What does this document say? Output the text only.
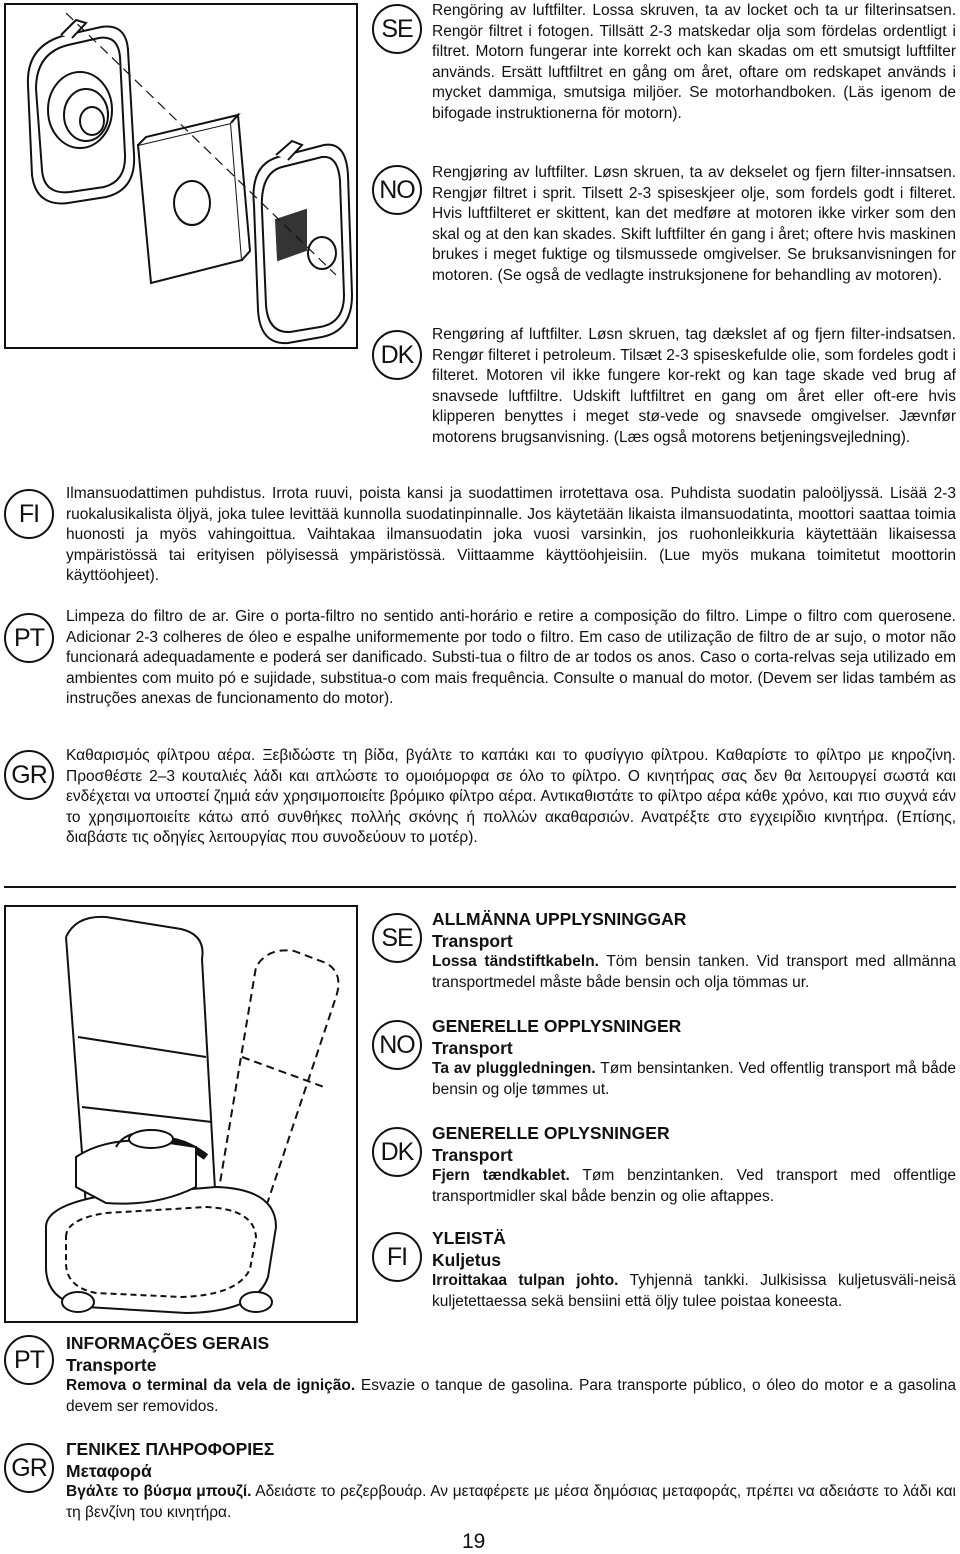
SE

Rengöring av luftfilter. Lossa skruven, ta av locket och ta ur filterinsatsen. Rengör filtret i fotogen. Tillsätt 2-3 matskedar olja som fördelas ordentligt i filtret. Motorn fungerar inte korrekt och kan skadas om ett smutsigt luftfilter används. Ersätt luftfiltret en gång om året, oftare om redskapet används i mycket dammiga, smutsiga miljöer. Se motorhandboken. (Läs igenom de bifogade instruktionerna för motorn).

NO

Rengjøring av luftfilter. Løsn skruen, ta av dekselet og fjern filter-innsatsen. Rengjør filtret i sprit. Tilsett 2-3 spiseskjeer olje, som fordels godt i filteret. Hvis luftfilteret er skittent, kan det medføre at motoren ikke virker som den skal og at den kan skades. Skift luftfilter én gang i året; oftere hvis maskinen brukes i meget fuktige og tilsmussede omgivelser. Se bruksanvisningen for motoren. (Se også de vedlagte instruksjonene for behandling av motoren).

DK

Rengøring af luftfilter. Løsn skruen, tag dækslet af og fjern filter-indsatsen. Rengør filteret i petroleum. Tilsæt 2-3 spiseskefulde olie, som fordeles godt i filteret. Motoren vil ikke fungere kor-rekt og kan tage skade ved brug af snavsede luftfiltre. Udskift luftfiltret en gang om året eller oft-ere hvis klipperen benyttes i meget stø-vede og snavsede omgivelser. Jævnfør motorens brugsanvisning. (Læs også motorens betjeningsvejledning).

FI

Ilmansuodattimen puhdistus. Irrota ruuvi, poista kansi ja suodattimen irrotettava osa. Puhdista suodatin paloöljyssä. Lisää 2-3 ruokalusikalista öljyä, joka tulee levittää kunnolla suodatinpinnalle. Jos käytetään likaista ilmansuodatinta, moottori saattaa toimia huonosti ja myös vahingoittua. Vaihtakaa ilmansuodatin joka vuosi varsinkin, jos ruohonleikkuria käytettään likaisessa ympäristössä tai erityisen pölyisessä ympäristössä. Viittaamme käyttöohjeisiin. (Lue myös mukana toimitetut moottorin käyttöohjeet).

PT

Limpeza do filtro de ar. Gire o porta-filtro no sentido anti-horário e retire a composição do filtro. Limpe o filtro com querosene. Adicionar 2-3 colheres de óleo e espalhe uniformemente por todo o filtro. Em caso de utilização de filtro de ar sujo, o motor não funcionará adequadamente e poderá ser danificado. Substi-tua o filtro de ar todos os anos. Caso o corta-relvas seja utilizado em ambientes com muito pó e sujidade, substitua-o com mais frequência. Consulte o manual do motor. (Devem ser lidas também as instruções anexas de funcionamento do motor).

GR

Καθαρισμός φίλτρου αέρα. Ξεβιδώστε τη βίδα, βγάλτε το καπάκι και το φυσίγγιο φίλτρου. Καθαρίστε το φίλτρο με κηροζίνη. Προσθέστε 2–3 κουταλιές λάδι και απλώστε το ομοιόμορφα σε όλο το φίλτρο. Ο κινητήρας σας δεν θα λειτουργεί σωστά και ενδέχεται να υποστεί ζημιά εάν χρησιμοποιείτε βρόμικο φίλτρο αέρα. Αντικαθιστάτε το φίλτρο αέρα κάθε χρόνο, και πιο συχνά εάν το χρησιμοποιείτε κάτω από συνθήκες πολλής σκόνης ή πολλών ακαθαρσιών. Ανατρέξτε στο εγχειρίδιο κινητήρα. (Επίσης, διαβάστε τις οδηγίες λειτουργίας που συνοδεύουν το μοτέρ).

SE
ALLMÄNNA UPPLYSNINGGAR
Transport
Lossa tändstiftkabeln. Töm bensin tanken. Vid transport med allmänna transportmedel måste både bensin och olja tömmas ur.
NO
GENERELLE OPPLYSNINGER
Transport
Ta av pluggledningen. Tøm bensintanken. Ved offentlig transport må både bensin og olje tømmes ut.
DK
GENERELLE OPLYSNINGER
Transport
Fjern tændkablet. Tøm benzintanken. Ved transport med offentlige transportmidler skal både benzin og olie aftappes.
FI
YLEISTÄ
Kuljetus
Irroittakaa tulpan johto. Tyhjennä tankki. Julkisissa kuljetusväli-neisä kuljetettaessa sekä bensiini että öljy tulee poistaa koneesta.
PT
INFORMAÇÕES GERAIS
Transporte
Remova o terminal da vela de ignição. Esvazie o tanque de gasolina. Para transporte público, o óleo do motor e a gasolina devem ser removidos.
GR
ΓΕΝΙΚΕΣ ΠΛΗΡΟΦΟΡΙΕΣ
Μεταφορά
Βγάλτε το βύσμα μπουζί. Αδειάστε το ρεζερβουάρ. Αν μεταφέρετε με μέσα δημόσιας μεταφοράς, πρέπει να αδειάστε το λάδι και τη βενζίνη του κινητήρα.
19
